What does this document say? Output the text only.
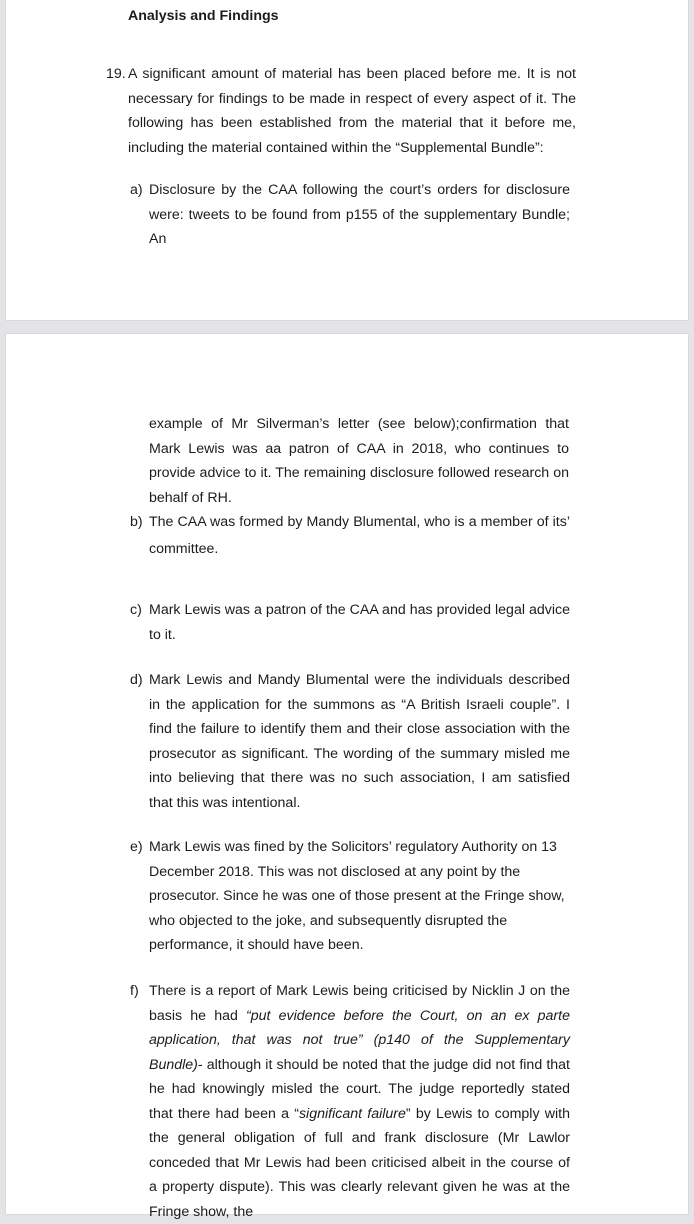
Analysis and Findings

19. A significant amount of material has been placed before me. It is not necessary for findings to be made in respect of every aspect of it. The following has been established from the material that it before me, including the material contained within the “Supplemental Bundle”:
a) Disclosure by the CAA following the court’s orders for disclosure were: tweets to be found from p155 of the supplementary Bundle; An
example of Mr Silverman’s letter (see below);confirmation that Mark Lewis was aa patron of CAA in 2018, who continues to provide advice to it. The remaining disclosure followed research on behalf of RH.
b) The CAA was formed by Mandy Blumental, who is a member of its’ committee.
c) Mark Lewis was a patron of the CAA and has provided legal advice to it.
d) Mark Lewis and Mandy Blumental were the individuals described in the application for the summons as “A British Israeli couple”. I find the failure to identify them and their close association with the prosecutor as significant. The wording of the summary misled me into believing that there was no such association, I am satisfied that this was intentional.
e) Mark Lewis was fined by the Solicitors’ regulatory Authority on 13
December 2018. This was not disclosed at any point by the
prosecutor. Since he was one of those present at the Fringe show,
who objected to the joke, and subsequently disrupted the
performance, it should have been.
f) There is a report of Mark Lewis being criticised by Nicklin J on the basis he had “put evidence before the Court, on an ex parte application, that was not true” (p140 of the Supplementary Bundle)- although it should be noted that the judge did not find that he had knowingly misled the court. The judge reportedly stated that there had been a “significant failure” by Lewis to comply with the general obligation of full and frank disclosure (Mr Lawlor conceded that Mr Lewis had been criticised albeit in the course of a property dispute). This was clearly relevant given he was at the Fringe show, the
